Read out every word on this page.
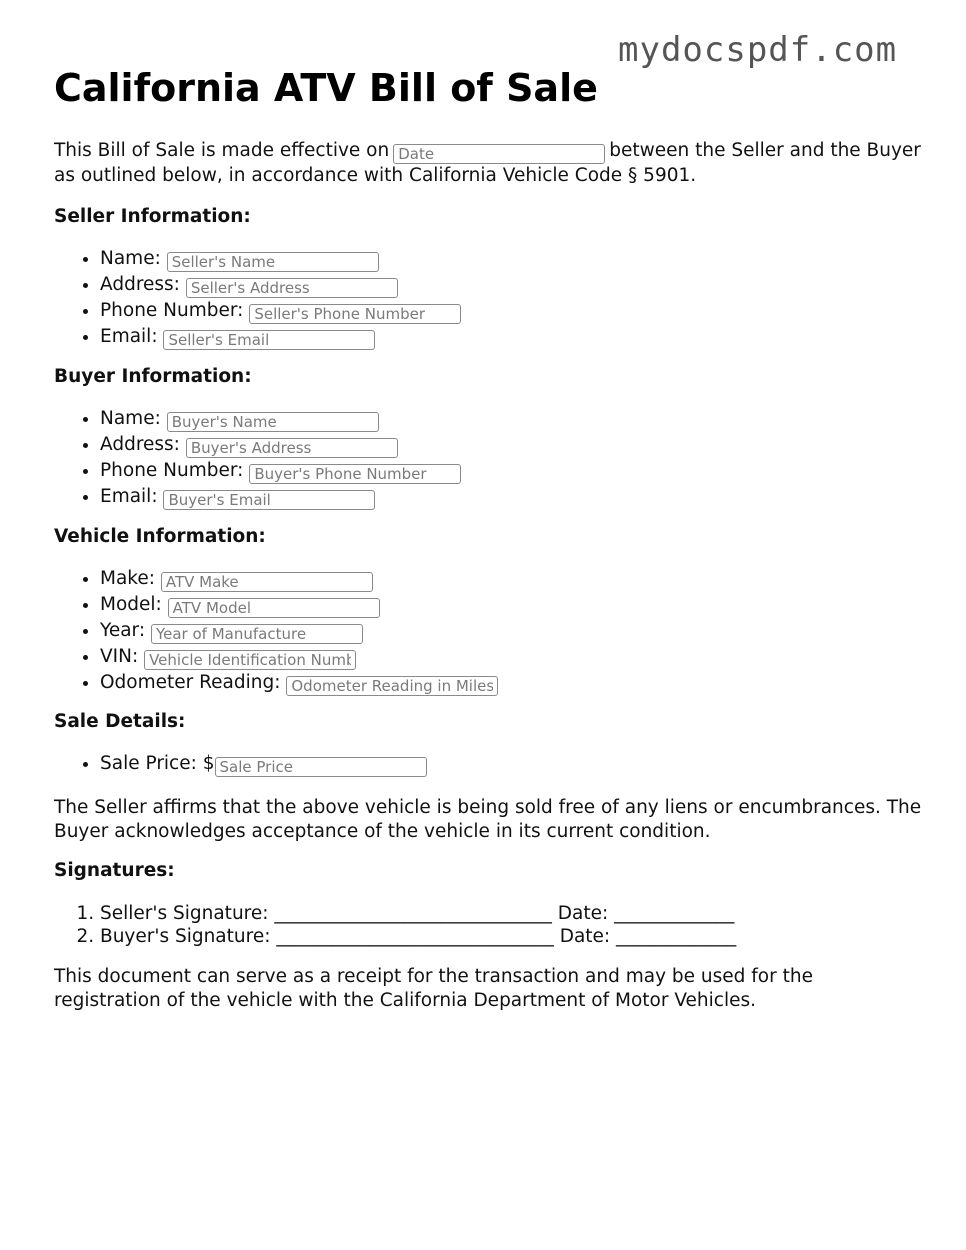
mydocspdf.com
California ATV Bill of Sale

This Bill of Sale is made effective onDate	between the Seller and the Buyer as outlined below, in accordance with California Vehicle Code § 5901.

Seller Information:
• Name: Seller's Name
• Address: Seller's Address
• Phone Number: Seller's Phone Number
• Email: Seller's Email
Buyer Information:
• Name: Buyer's Name
• Address: Buyer's Address
• Phone Number: Buyer's Phone Number
• Email: Buyer's Email
Vehicle Information:
• Make: ATV Make
• Model: ATV Model
• Year: Year of Manufacture
• VIN: Vehicle Identification Number
• Odometer Reading: Odometer Reading in Miles
Sale Details:
• Sale Price: $Sale Price

The Seller affirms that the above vehicle is being sold free of any liens or encumbrances. The Buyer acknowledges acceptance of the vehicle in its current condition.

Signatures:
1. Seller's Signature: ______________________________ Date: _____________
2. Buyer's Signature: ______________________________ Date: _____________

This document can serve as a receipt for the transaction and may be used for the registration of the vehicle with the California Department of Motor Vehicles.
